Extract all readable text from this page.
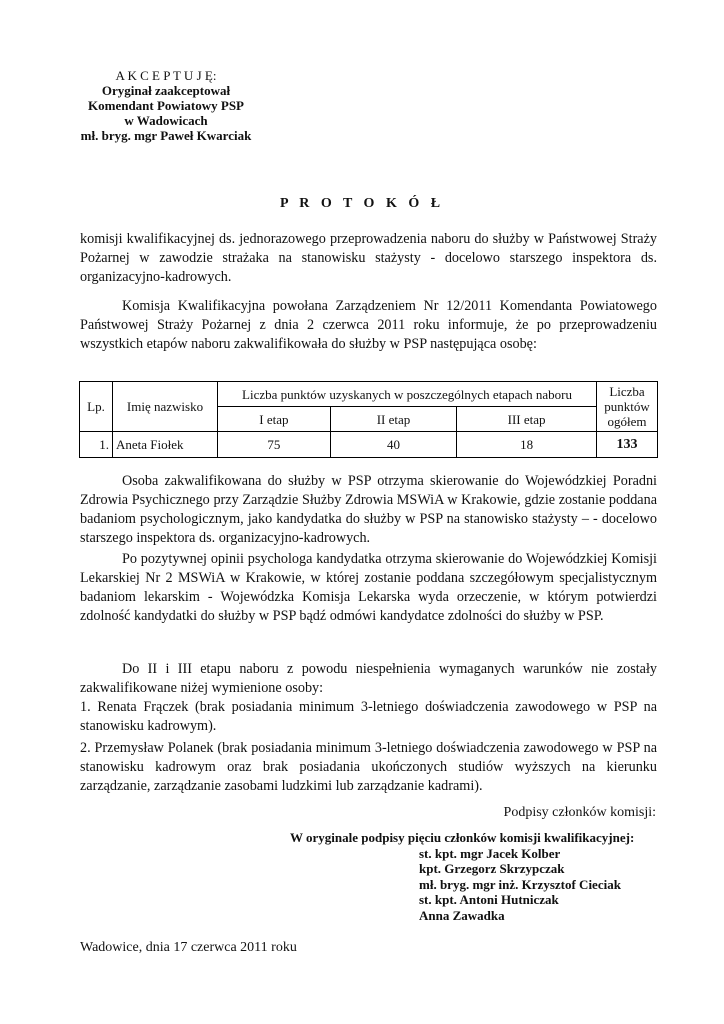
A K C E P T U J Ę:
Oryginał zaakceptował
Komendant Powiatowy PSP
w Wadowicach
mł. bryg. mgr Paweł Kwarciak
P R O T O K Ó Ł
komisji kwalifikacyjnej ds. jednorazowego przeprowadzenia naboru do służby w Państwowej Straży Pożarnej w zawodzie strażaka na stanowisku stażysty - docelowo starszego inspektora ds. organizacyjno-kadrowych.
Komisja Kwalifikacyjna powołana Zarządzeniem Nr 12/2011 Komendanta Powiatowego Państwowej Straży Pożarnej z dnia 2 czerwca 2011 roku informuje, że po przeprowadzeniu wszystkich etapów naboru zakwalifikowała do służby w PSP następująca osobę:
Lp.	Imię nazwisko	Liczba punktów uzyskanych w poszczególnych etapach naboru			Liczba punktów ogółem
		I etap	II etap	III etap	
1.	Aneta Fiołek	75	40	18	133
Osoba zakwalifikowana do służby w PSP otrzyma skierowanie do Wojewódzkiej Poradni Zdrowia Psychicznego przy Zarządzie Służby Zdrowia MSWiA w Krakowie, gdzie zostanie poddana badaniom psychologicznym, jako kandydatka do służby w PSP na stanowisko stażysty – - docelowo starszego inspektora ds. organizacyjno-kadrowych.
Po pozytywnej opinii psychologa kandydatka otrzyma skierowanie do Wojewódzkiej Komisji Lekarskiej Nr 2 MSWiA w Krakowie, w której zostanie poddana szczegółowym specjalistycznym badaniom lekarskim - Wojewódzka Komisja Lekarska wyda orzeczenie, w którym potwierdzi zdolność kandydatki do służby w PSP bądź odmówi kandydatce zdolności do służby w PSP.
Do II i III etapu naboru z powodu niespełnienia wymaganych warunków nie zostały zakwalifikowane niżej wymienione osoby:
1. Renata Frączek (brak posiadania minimum 3-letniego doświadczenia zawodowego w PSP na stanowisku kadrowym).
2. Przemysław Polanek (brak posiadania minimum 3-letniego doświadczenia zawodowego w PSP na stanowisku kadrowym oraz brak posiadania ukończonych studiów wyższych na kierunku zarządzanie, zarządzanie zasobami ludzkimi lub zarządzanie kadrami).
Podpisy członków komisji:
W oryginale podpisy pięciu członków komisji kwalifikacyjnej:
st. kpt. mgr Jacek Kolber
kpt. Grzegorz Skrzypczak
mł. bryg. mgr inż. Krzysztof Cieciak
st. kpt. Antoni Hutniczak
Anna Zawadka
Wadowice, dnia 17 czerwca 2011 roku
